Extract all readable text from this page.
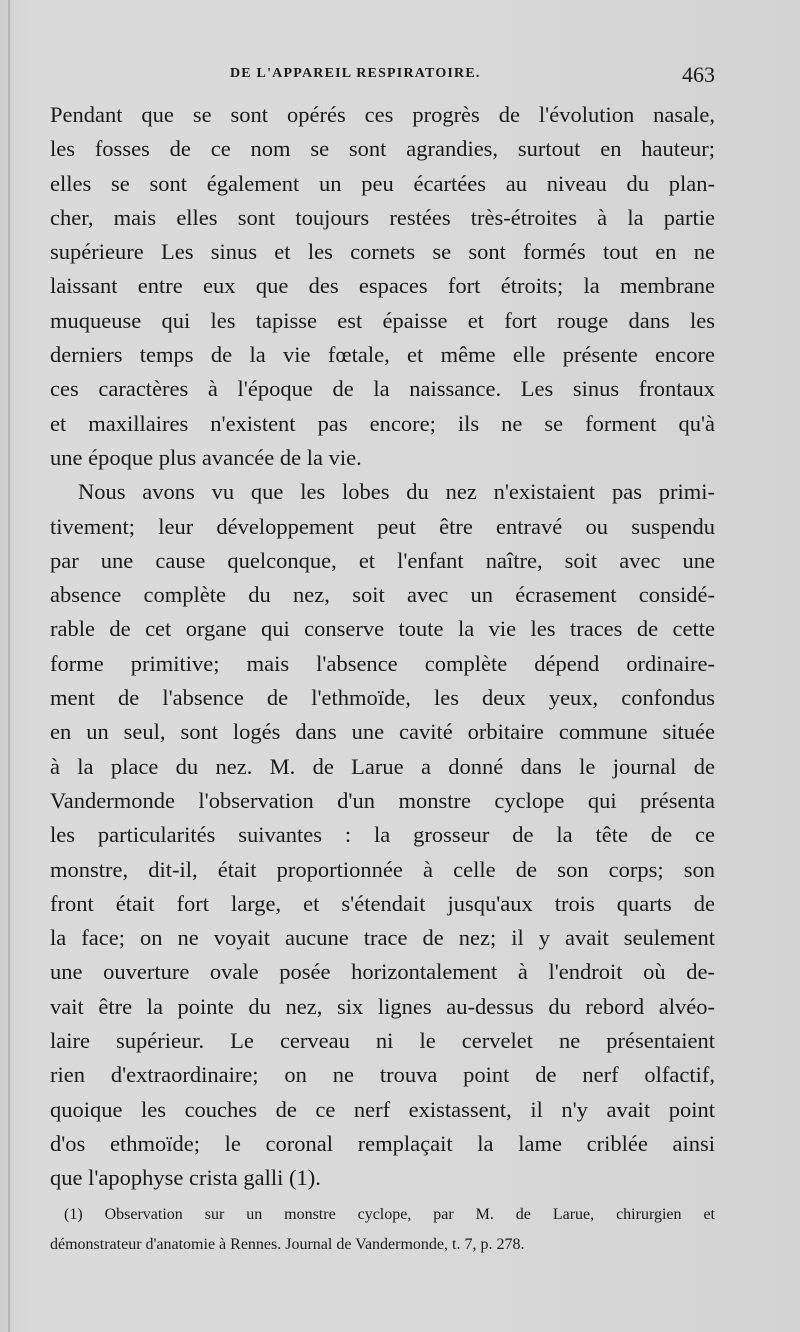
DE L'APPAREIL RESPIRATOIRE.	463
Pendant que se sont opérés ces progrès de l'évolution nasale,
les fosses de ce nom se sont agrandies, surtout en hauteur;
elles se sont également un peu écartées au niveau du plan-
cher, mais elles sont toujours restées très-étroites à la partie
supérieure Les sinus et les cornets se sont formés tout en ne
laissant entre eux que des espaces fort étroits; la membrane
muqueuse qui les tapisse est épaisse et fort rouge dans les
derniers temps de la vie fœtale, et même elle présente encore
ces caractères à l'époque de la naissance. Les sinus frontaux
et maxillaires n'existent pas encore; ils ne se forment qu'à
une époque plus avancée de la vie.
Nous avons vu que les lobes du nez n'existaient pas primi-
tivement; leur développement peut être entravé ou suspendu
par une cause quelconque, et l'enfant naître, soit avec une
absence complète du nez, soit avec un écrasement considé-
rable de cet organe qui conserve toute la vie les traces de cette
forme primitive; mais l'absence complète dépend ordinaire-
ment de l'absence de l'ethmoïde, les deux yeux, confondus
en un seul, sont logés dans une cavité orbitaire commune située
à la place du nez. M. de Larue a donné dans le journal de
Vandermonde l'observation d'un monstre cyclope qui présenta
les particularités suivantes : la grosseur de la tête de ce
monstre, dit-il, était proportionnée à celle de son corps; son
front était fort large, et s'étendait jusqu'aux trois quarts de
la face; on ne voyait aucune trace de nez; il y avait seulement
une ouverture ovale posée horizontalement à l'endroit où de-
vait être la pointe du nez, six lignes au-dessus du rebord alvéo-
laire supérieur. Le cerveau ni le cervelet ne présentaient
rien d'extraordinaire; on ne trouva point de nerf olfactif,
quoique les couches de ce nerf existassent, il n'y avait point
d'os ethmoïde; le coronal remplaçait la lame criblée ainsi
que l'apophyse crista galli (1).
(1) Observation sur un monstre cyclope, par M. de Larue, chirurgien et
démonstrateur d'anatomie à Rennes. Journal de Vandermonde, t. 7, p. 278.
